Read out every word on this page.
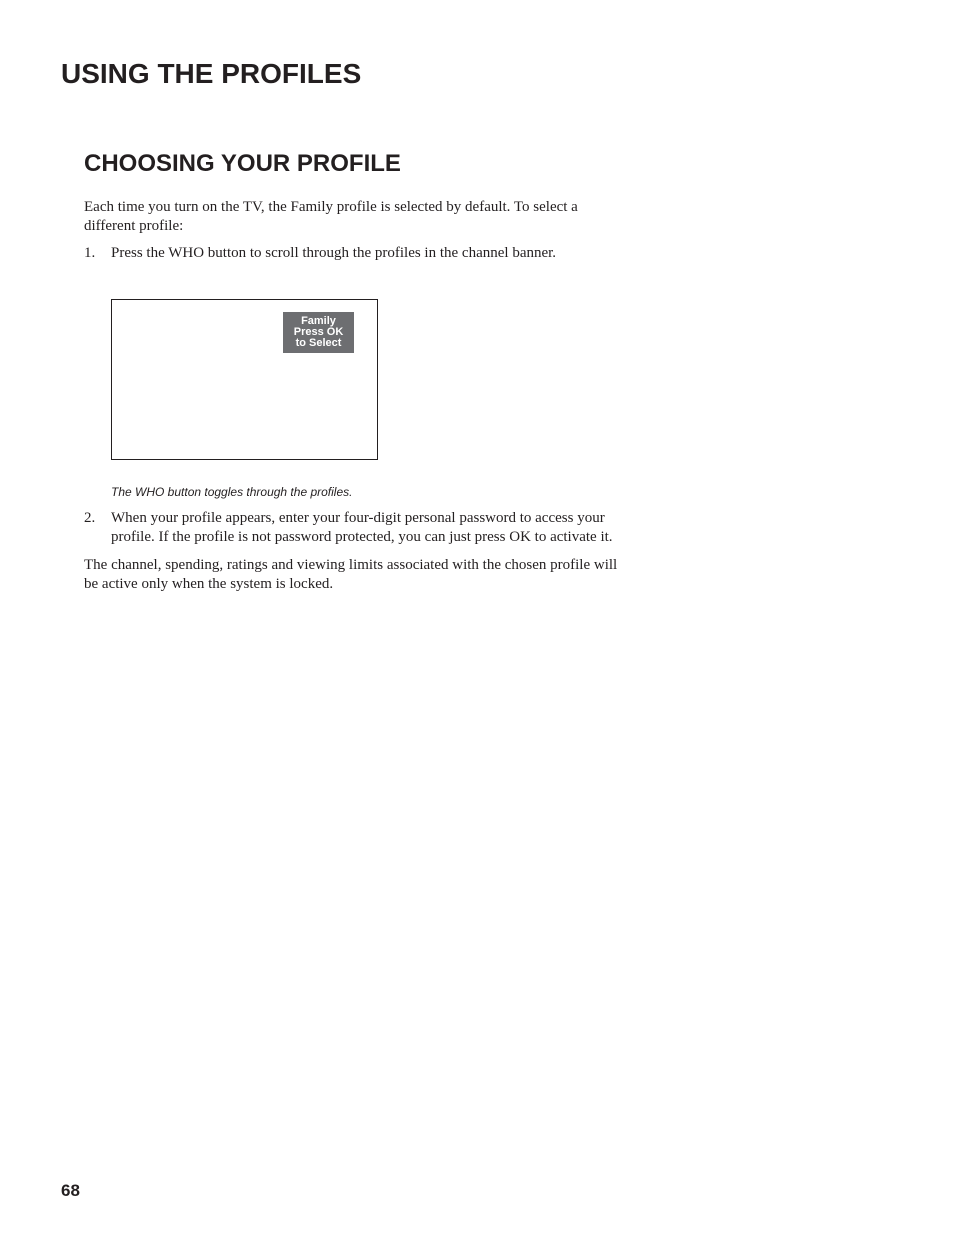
USING THE PROFILES
CHOOSING YOUR PROFILE

Each time you turn on the TV, the Family profile is selected by default. To select a different profile:

1.	Press the WHO button to scroll through the profiles in the channel banner.
Family
Press OK
to Select

The WHO button toggles through the profiles.

2.	When your profile appears, enter your four-digit personal password to access your profile. If the profile is not password protected, you can just press OK to activate it.

The channel, spending, ratings and viewing limits associated with the chosen profile will be active only when the system is locked.

68
